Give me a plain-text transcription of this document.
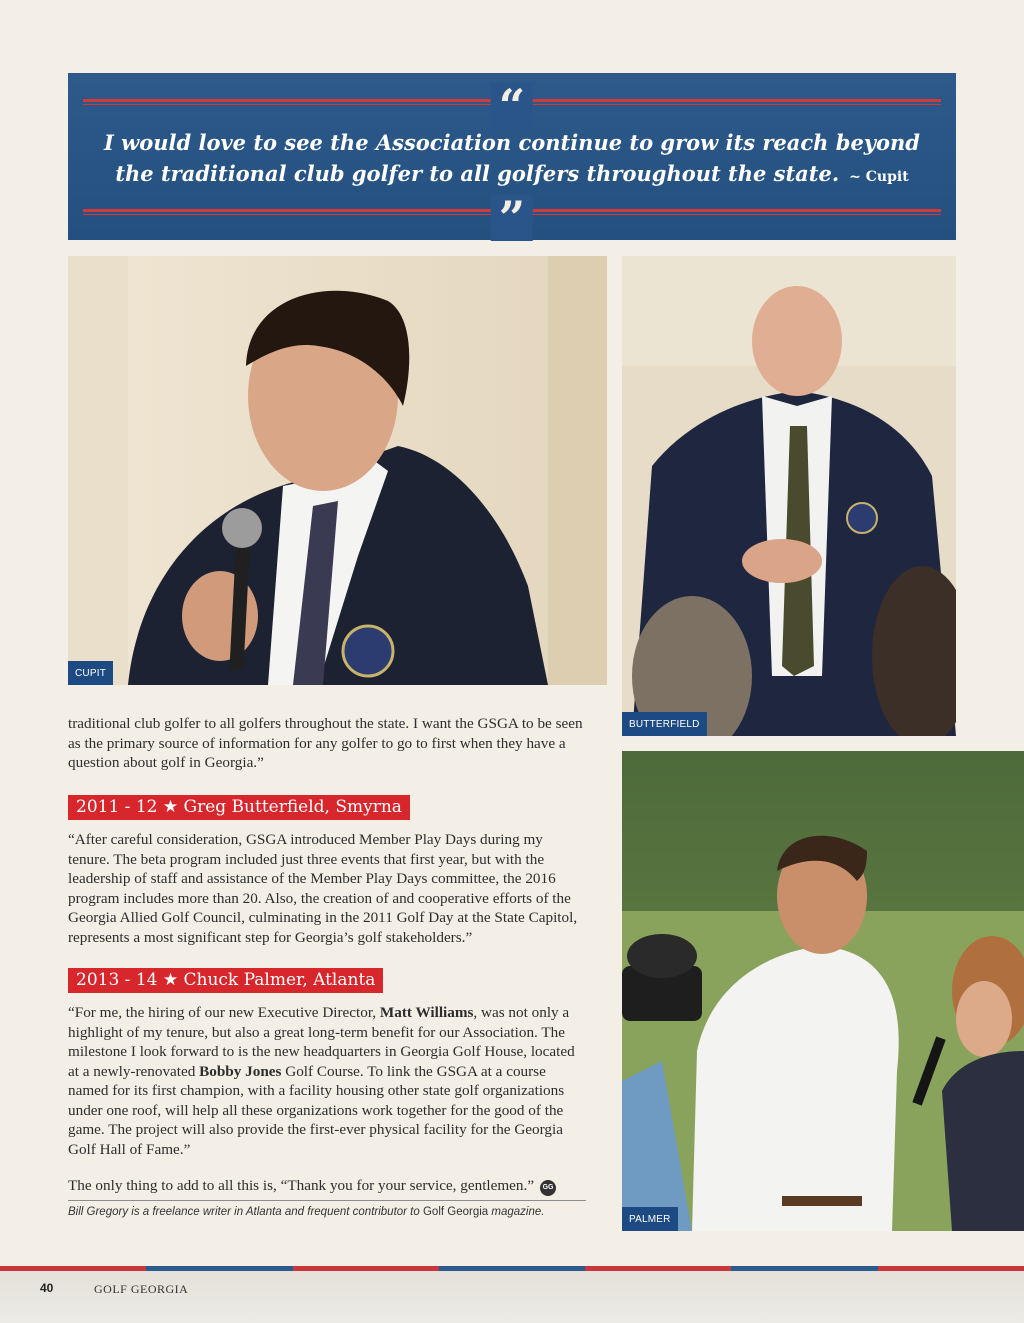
“
I would love to see the Association continue to grow its reach beyond the traditional club golfer to all golfers throughout the state. ~ Cupit
”
CUPIT
BUTTERFIELD
PALMER

traditional club golfer to all golfers throughout the state. I want the GSGA to be seen as the primary source of information for any golfer to go to first when they have a question about golf in Georgia.”

2011 - 12 ★ Greg Butterfield, Smyrna

“After careful consideration, GSGA introduced Member Play Days during my tenure. The beta program included just three events that first year, but with the leadership of staff and assistance of the Member Play Days committee, the 2016 program includes more than 20. Also, the creation of and cooperative efforts of the Georgia Allied Golf Council, culminating in the 2011 Golf Day at the State Capitol, represents a most significant step for Georgia’s golf stakeholders.”

2013 - 14 ★ Chuck Palmer, Atlanta

“For me, the hiring of our new Executive Director, Matt Williams, was not only a highlight of my tenure, but also a great long-term benefit for our Association. The milestone I look forward to is the new headquarters in Georgia Golf House, located at a newly-renovated Bobby Jones Golf Course. To link the GSGA at a course named for its first champion, with a facility housing other state golf organizations under one roof, will help all these organizations work together for the good of the game. The project will also provide the first-ever physical facility for the Georgia Golf Hall of Fame.”

The only thing to add to all this is, “Thank you for your service, gentlemen.” GG

Bill Gregory is a freelance writer in Atlanta and frequent contributor to Golf Georgia magazine.
40	GOLF GEORGIA
